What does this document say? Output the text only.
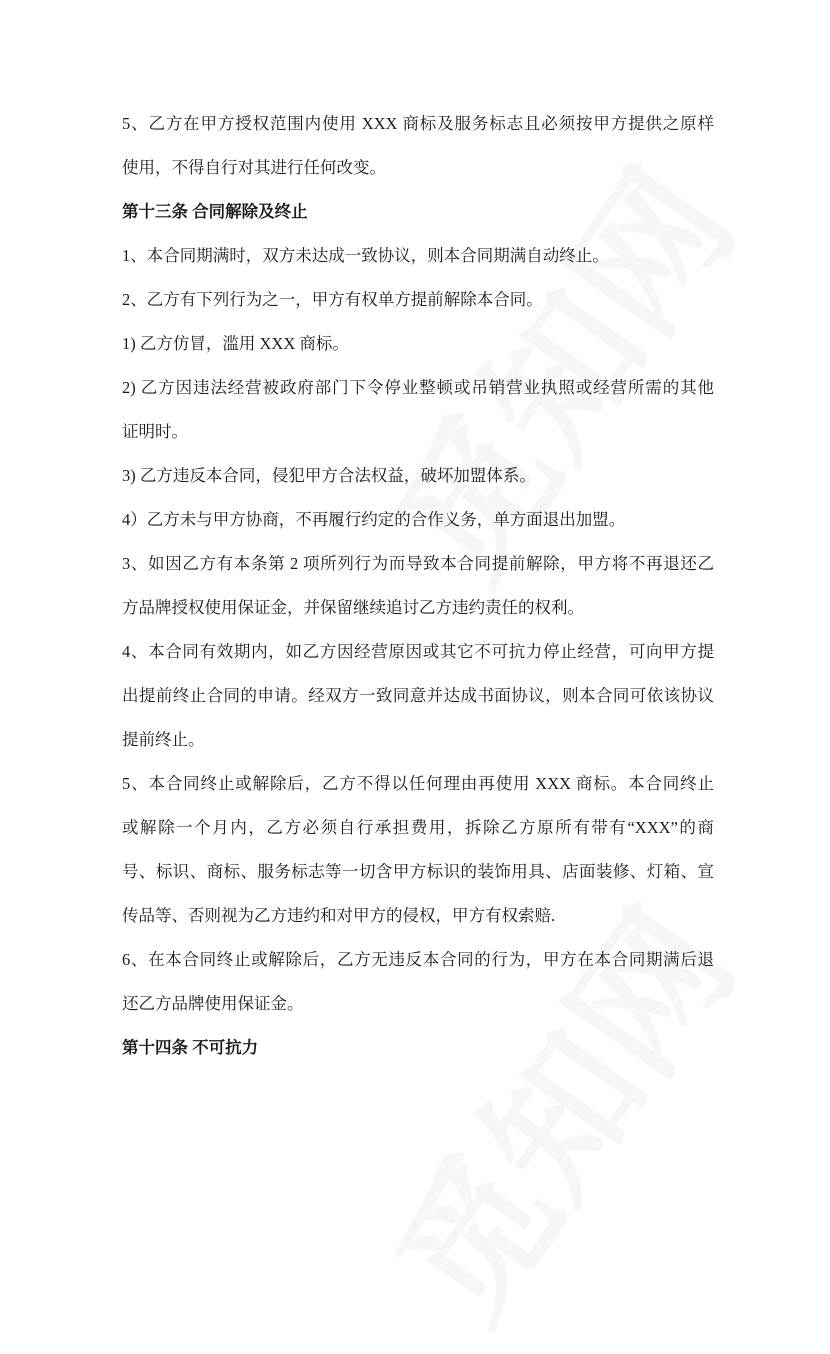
5、乙方在甲方授权范围内使用 XXX 商标及服务标志且必须按甲方提供之原样
使用，不得自行对其进行任何改变。
第十三条 合同解除及终止
1、本合同期满时，双方未达成一致协议，则本合同期满自动终止。
2、乙方有下列行为之一，甲方有权单方提前解除本合同。
1) 乙方仿冒，滥用 XXX 商标。
2) 乙方因违法经营被政府部门下令停业整顿或吊销营业执照或经营所需的其他
证明时。
3) 乙方违反本合同，侵犯甲方合法权益，破坏加盟体系。
4）乙方未与甲方协商，不再履行约定的合作义务，单方面退出加盟。
3、如因乙方有本条第 2 项所列行为而导致本合同提前解除，甲方将不再退还乙
方品牌授权使用保证金，并保留继续追讨乙方违约责任的权利。
4、本合同有效期内，如乙方因经营原因或其它不可抗力停止经营，可向甲方提
出提前终止合同的申请。经双方一致同意并达成书面协议，则本合同可依该协议
提前终止。
5、本合同终止或解除后，乙方不得以任何理由再使用 XXX 商标。本合同终止
或解除一个月内，乙方必须自行承担费用，拆除乙方原所有带有“XXX”的商
号、标识、商标、服务标志等一切含甲方标识的装饰用具、店面装修、灯箱、宣
传品等、否则视为乙方违约和对甲方的侵权，甲方有权索赔.
6、在本合同终止或解除后，乙方无违反本合同的行为，甲方在本合同期满后退
还乙方品牌使用保证金。
第十四条 不可抗力
